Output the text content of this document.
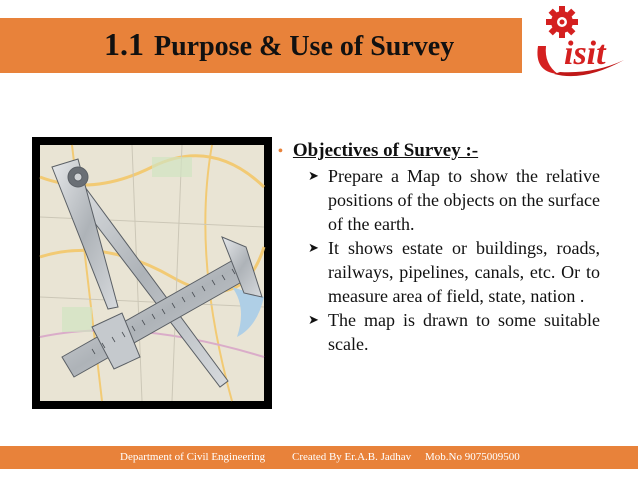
1.1 Purpose & Use of Survey	isit
• Objectives of Survey :-
➤ Prepare a Map to show the relative positions of the objects on the surface of the earth.
➤ It shows estate or buildings, roads, railways, pipelines, canals, etc. Or to measure area of field, state, nation .
➤ The map is drawn to some suitable scale.
Department of Civil Engineering Created By Er.A.B. Jadhav Mob.No 9075009500
